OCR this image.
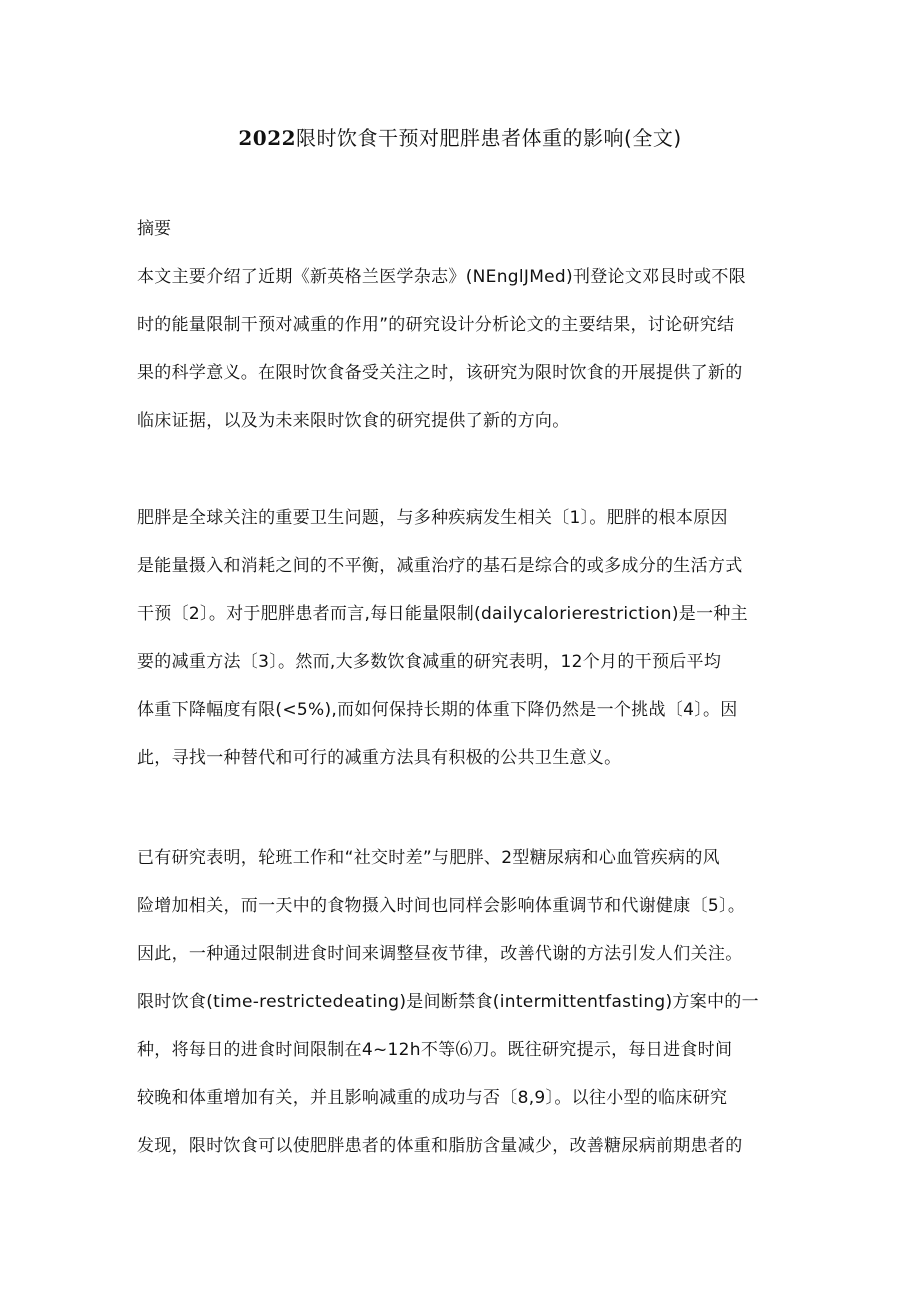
2022限时饮食干预对肥胖患者体重的影响(全文)
摘要
本文主要介绍了近期《新英格兰医学杂志》(NEnglJMed)刊登论文邓艮时或不限
时的能量限制干预对减重的作用”的研究设计分析论文的主要结果，讨论研究结
果的科学意义。在限时饮食备受关注之时，该研究为限时饮食的开展提供了新的
临床证据，以及为未来限时饮食的研究提供了新的方向。
肥胖是全球关注的重要卫生问题，与多种疾病发生相关〔1〕。肥胖的根本原因
是能量摄入和消耗之间的不平衡，减重治疗的基石是综合的或多成分的生活方式
干预〔2〕。对于肥胖患者而言,每日能量限制(dailycalorierestriction)是一种主
要的减重方法〔3〕。然而,大多数饮食减重的研究表明，12个月的干预后平均
体重下降幅度有限(<5%),而如何保持长期的体重下降仍然是一个挑战〔4〕。因
此，寻找一种替代和可行的减重方法具有积极的公共卫生意义。
已有研究表明，轮班工作和“社交时差”与肥胖、2型糖尿病和心血管疾病的风
险增加相关，而一天中的食物摄入时间也同样会影响体重调节和代谢健康〔5〕。
因此，一种通过限制进食时间来调整昼夜节律，改善代谢的方法引发人们关注。
限时饮食(time-restrictedeating)是间断禁食(intermittentfasting)方案中的一
种，将每日的进食时间限制在4~12h不等⑹刀。既往研究提示，每日进食时间
较晚和体重增加有关，并且影响减重的成功与否〔8,9〕。以往小型的临床研究
发现，限时饮食可以使肥胖患者的体重和脂肪含量减少，改善糖尿病前期患者的
